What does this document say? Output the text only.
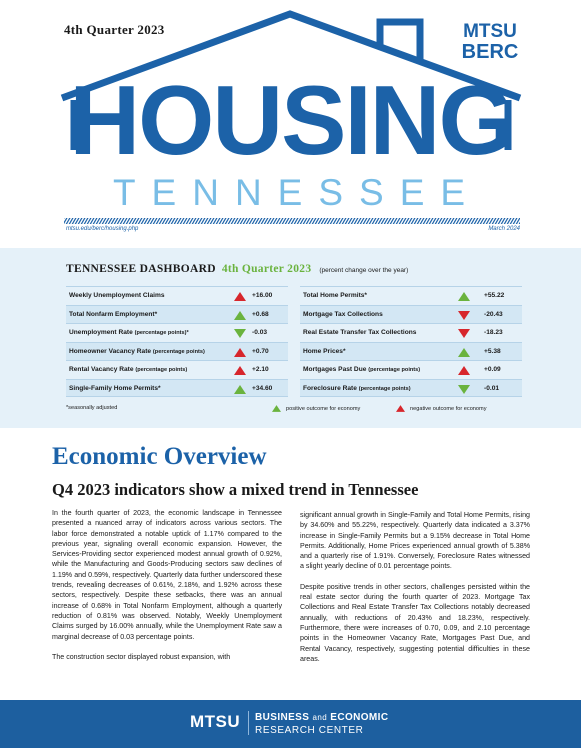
4th Quarter 2023	MTSU
BERC
HOUSING
TENNESSEE
mtsu.edu/berc/housing.php	March 2024
TENNESSEE DASHBOARD 4th Quarter 2023 (percent change over the year)
Weekly Unemployment Claims	+16.00
Total Nonfarm Employment*	+0.68
Unemployment Rate (percentage points)*	-0.03
Homeowner Vacancy Rate (percentage points)	+0.70
Rental Vacancy Rate (percentage points)	+2.10
Single-Family Home Permits*	+34.60
Total Home Permits*	+55.22
Mortgage Tax Collections	-20.43
Real Estate Transfer Tax Collections	-18.23
Home Prices*	+5.38
Mortgages Past Due (percentage points)	+0.09
Foreclosure Rate (percentage points)	-0.01
*seasonally adjusted	positive outcome for economy	negative outcome for economy
Economic Overview
Q4 2023 indicators show a mixed trend in Tennessee

In the fourth quarter of 2023, the economic landscape in Tennessee presented a nuanced array of indicators across various sectors. The labor force demonstrated a notable uptick of 1.17% compared to the previous year, signaling overall economic expansion. However, the Services-Providing sector experienced modest annual growth of 0.92%, while the Manufacturing and Goods-Producing sectors saw declines of 1.19% and 0.59%, respectively. Quarterly data further underscored these trends, revealing decreases of 0.61%, 2.18%, and 1.92% across these sectors, respectively. Despite these setbacks, there was an annual increase of 0.68% in Total Nonfarm Employment, although a quarterly reduction of 0.81% was observed. Notably, Weekly Unemployment Claims surged by 16.00% annually, while the Unemployment Rate saw a marginal decrease of 0.03 percentage points.

The construction sector displayed robust expansion, with

significant annual growth in Single-Family and Total Home Permits, rising by 34.60% and 55.22%, respectively. Quarterly data indicated a 3.37% increase in Single-Family Permits but a 9.15% decrease in Total Home Permits. Additionally, Home Prices experienced annual growth of 5.38% and a quarterly rise of 1.91%. Conversely, Foreclosure Rates witnessed a slight yearly decline of 0.01 percentage points.

Despite positive trends in other sectors, challenges persisted within the real estate sector during the fourth quarter of 2023. Mortgage Tax Collections and Real Estate Transfer Tax Collections notably decreased annually, with reductions of 20.43% and 18.23%, respectively. Furthermore, there were increases of 0.70, 0.09, and 2.10 percentage points in the Homeowner Vacancy Rate, Mortgages Past Due, and Rental Vacancy, respectively, suggesting potential difficulties in these areas.

MTSU BUSINESS and ECONOMIC
RESEARCH CENTER
